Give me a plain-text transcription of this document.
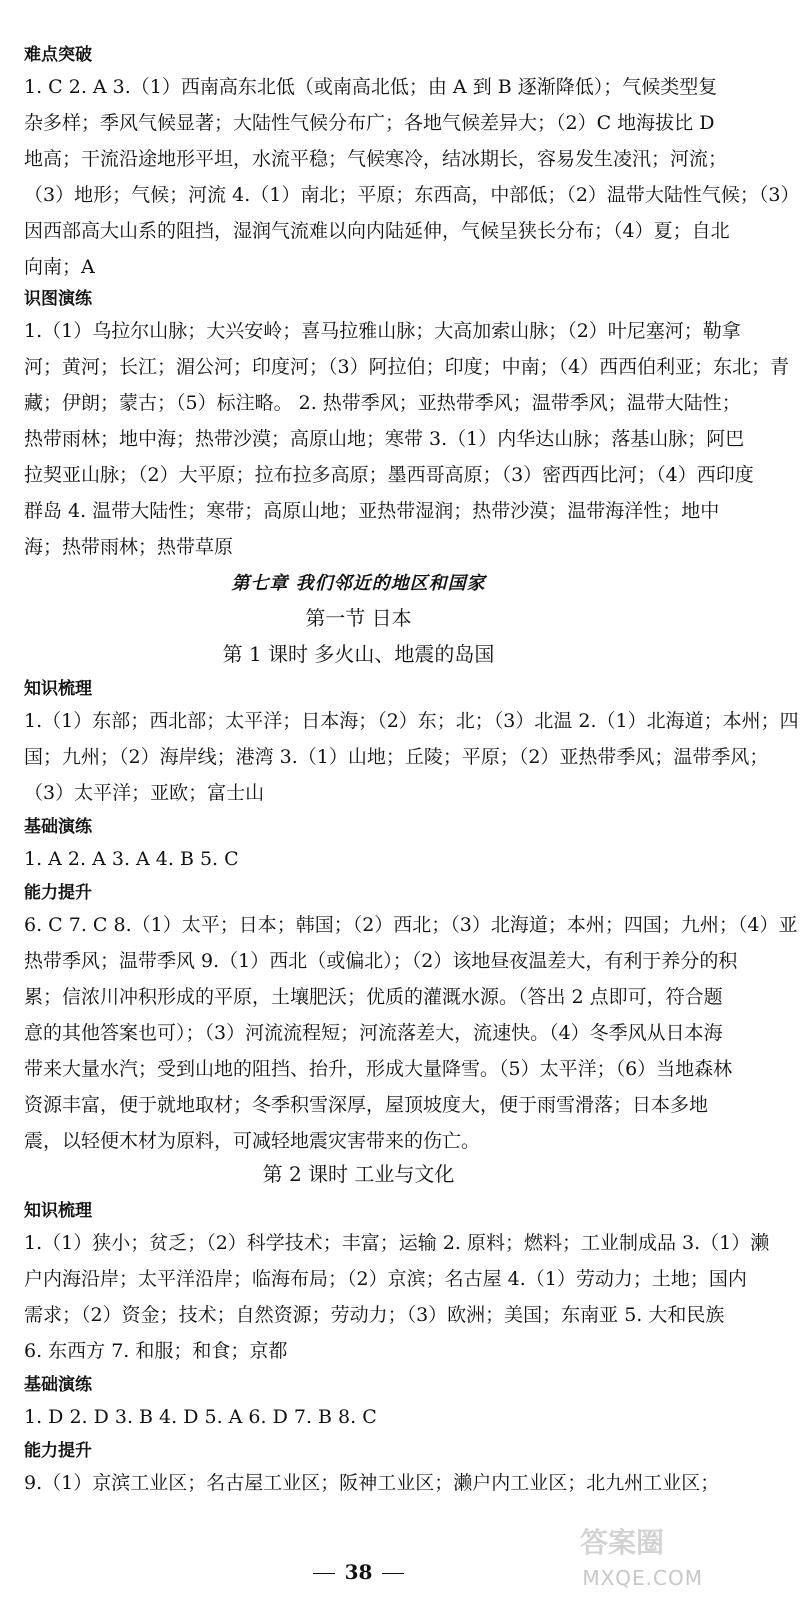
难点突破
1. C 2. A 3.（1）西南高东北低（或南高北低；由 A 到 B 逐渐降低）；气候类型复
杂多样；季风气候显著；大陆性气候分布广；各地气候差异大；（2）C 地海拔比 D
地高；干流沿途地形平坦，水流平稳；气候寒冷，结冰期长，容易发生凌汛；河流；
（3）地形；气候；河流 4.（1）南北；平原；东西高，中部低；（2）温带大陆性气候；（3）
因西部高大山系的阻挡，湿润气流难以向内陆延伸，气候呈狭长分布；（4）夏；自北
向南；A
识图演练
1.（1）乌拉尔山脉；大兴安岭；喜马拉雅山脉；大高加索山脉；（2）叶尼塞河；勒拿
河；黄河；长江；湄公河；印度河；（3）阿拉伯；印度；中南；（4）西西伯利亚；东北；青
藏；伊朗；蒙古；（5）标注略。 2. 热带季风；亚热带季风；温带季风；温带大陆性；
热带雨林；地中海；热带沙漠；高原山地；寒带 3.（1）内华达山脉；落基山脉；阿巴
拉契亚山脉；（2）大平原；拉布拉多高原；墨西哥高原；（3）密西西比河；（4）西印度
群岛 4. 温带大陆性；寒带；高原山地；亚热带湿润；热带沙漠；温带海洋性；地中
海；热带雨林；热带草原
第七章 我们邻近的地区和国家
第一节 日本
第 1 课时 多火山、地震的岛国
知识梳理
1.（1）东部；西北部；太平洋；日本海；（2）东；北；（3）北温 2.（1）北海道；本州；四
国；九州；（2）海岸线；港湾 3.（1）山地；丘陵；平原；（2）亚热带季风；温带季风；
（3）太平洋；亚欧；富士山
基础演练
1. A 2. A 3. A 4. B 5. C
能力提升
6. C 7. C 8.（1）太平；日本；韩国；（2）西北；（3）北海道；本州；四国；九州；（4）亚
热带季风；温带季风 9.（1）西北（或偏北）；（2）该地昼夜温差大，有利于养分的积
累；信浓川冲积形成的平原，土壤肥沃；优质的灌溉水源。（答出 2 点即可，符合题
意的其他答案也可）；（3）河流流程短；河流落差大，流速快。（4）冬季风从日本海
带来大量水汽；受到山地的阻挡、抬升，形成大量降雪。（5）太平洋；（6）当地森林
资源丰富，便于就地取材；冬季积雪深厚，屋顶坡度大，便于雨雪滑落；日本多地
震，以轻便木材为原料，可减轻地震灾害带来的伤亡。
第 2 课时 工业与文化
知识梳理
1.（1）狭小；贫乏；（2）科学技术；丰富；运输 2. 原料；燃料；工业制成品 3.（1）濑
户内海沿岸；太平洋沿岸；临海布局；（2）京滨；名古屋 4.（1）劳动力；土地；国内
需求；（2）资金；技术；自然资源；劳动力；（3）欧洲；美国；东南亚 5. 大和民族
6. 东西方 7. 和服；和食；京都
基础演练
1. D 2. D 3. B 4. D 5. A 6. D 7. B 8. C
能力提升
9.（1）京滨工业区；名古屋工业区；阪神工业区；濑户内工业区；北九州工业区；
38
答案圈
MXQE.COM
